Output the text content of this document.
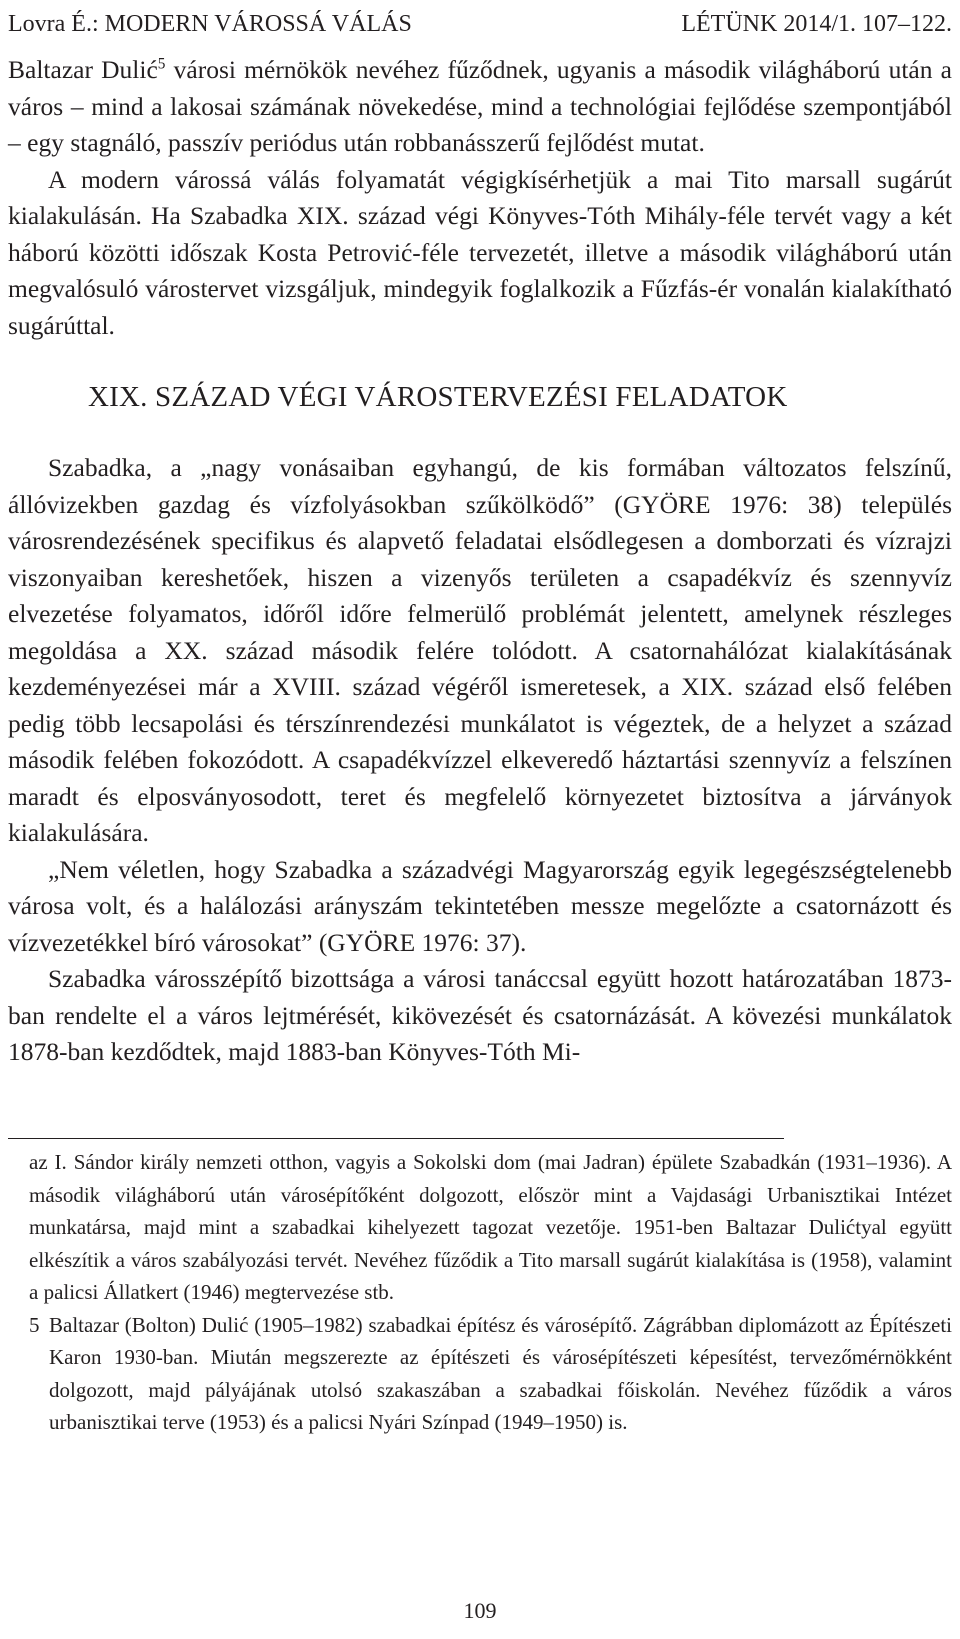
Lovra É.: MODERN VÁROSSÁ VÁLÁS	LÉTÜNK 2014/1. 107–122.

Baltazar Dulić$^5$ városi mérnökök nevéhez fűződnek, ugyanis a második világháború után a város – mind a lakosai számának növekedése, mind a technológiai fejlődése szempontjából – egy stagnáló, passzív periódus után robbanásszerű fejlődést mutat.

A modern várossá válás folyamatát végigkísérhetjük a mai Tito marsall sugárút kialakulásán. Ha Szabadka XIX. század végi Könyves-Tóth Mihály-féle tervét vagy a két háború közötti időszak Kosta Petrović-féle tervezetét, illetve a második világháború után megvalósuló várostervet vizsgáljuk, mindegyik foglalkozik a Fűzfás-ér vonalán kialakítható sugárúttal.

XIX. SZÁZAD VÉGI VÁROSTERVEZÉSI FELADATOK

Szabadka, a „nagy vonásaiban egyhangú, de kis formában változatos felszínű, állóvizekben gazdag és vízfolyásokban szűkölködő” (GYÖRE 1976: 38) település városrendezésének specifikus és alapvető feladatai elsődlegesen a domborzati és vízrajzi viszonyaiban kereshetőek, hiszen a vizenyős területen a csapadékvíz és szennyvíz elvezetése folyamatos, időről időre felmerülő problémát jelentett, amelynek részleges megoldása a XX. század második felére tolódott. A csatornahálózat kialakításának kezdeményezései már a XVIII. század végéről ismeretesek, a XIX. század első felében pedig több lecsapolási és térszínrendezési munkálatot is végeztek, de a helyzet a század második felében fokozódott. A csapadékvízzel elkeveredő háztartási szennyvíz a felszínen maradt és elposványosodott, teret és megfelelő környezetet biztosítva a járványok kialakulására.

„Nem véletlen, hogy Szabadka a századvégi Magyarország egyik legegészségtelenebb városa volt, és a halálozási arányszám tekintetében messze megelőzte a csatornázott és vízvezetékkel bíró városokat” (GYÖRE 1976: 37).

Szabadka városszépítő bizottsága a városi tanáccsal együtt hozott határozatában 1873-ban rendelte el a város lejtmérését, kikövezését és csatornázását. A kövezési munkálatok 1878-ban kezdődtek, majd 1883-ban Könyves-Tóth Mi-

az I. Sándor király nemzeti otthon, vagyis a Sokolski dom (mai Jadran) épülete Szabadkán (1931–1936). A második világháború után városépítőként dolgozott, először mint a Vajdasági Urbanisztikai Intézet munkatársa, majd mint a szabadkai kihelyezett tagozat vezetője. 1951-ben Baltazar Dulićtyal együtt elkészítik a város szabályozási tervét. Nevéhez fűződik a Tito marsall sugárút kialakítása is (1958), valamint a palicsi Állatkert (1946) megtervezése stb.

5 Baltazar (Bolton) Dulić (1905–1982) szabadkai építész és városépítő. Zágrábban diplomázott az Építészeti Karon 1930-ban. Miután megszerezte az építészeti és városépítészeti képesítést, tervezőmérnökként dolgozott, majd pályájának utolsó szakaszában a szabadkai főiskolán. Nevéhez fűződik a város urbanisztikai terve (1953) és a palicsi Nyári Színpad (1949–1950) is.
109
